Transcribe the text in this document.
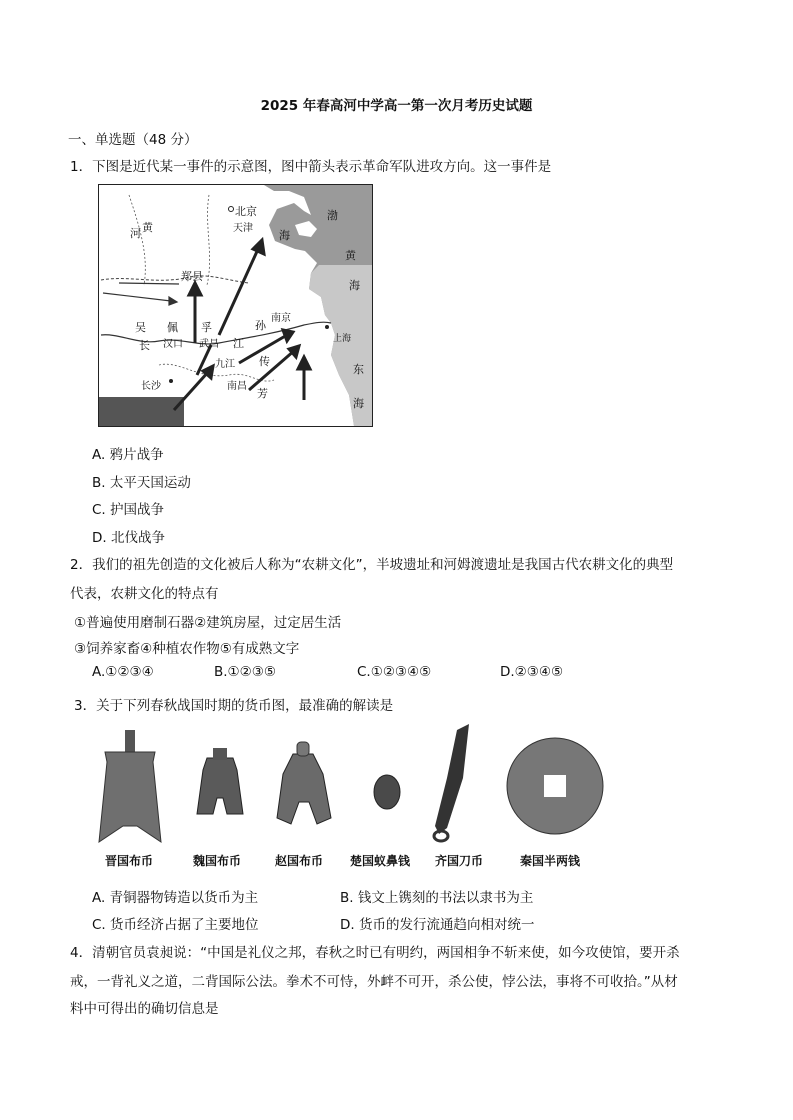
2025 年春高河中学高一第一次月考历史试题
一、单选题（48 分）
1．下图是近代某一事件的示意图，图中箭头表示革命军队进攻方向。这一事件是
黄
河
北京
天津
渤
海
郑县
黄
海
吴 佩 孚
长 汉口 武昌 江
孙
南京
上海
传
九江
长沙	南昌
芳
东
海
A. 鸦片战争
B. 太平天国运动
C. 护国战争
D. 北伐战争
2．我们的祖先创造的文化被后人称为“农耕文化”，半坡遗址和河姆渡遗址是我国古代农耕文化的典型
代表，农耕文化的特点有
①普遍使用磨制石器②建筑房屋，过定居生活
③饲养家畜④种植农作物⑤有成熟文字
A.①②③④	B.①②③⑤	C.①②③④⑤	D.②③④⑤
3．关于下列春秋战国时期的货币图，最准确的解读是
晋国布币	魏国布币	赵国布币 楚国蚁鼻钱 齐国刀币	秦国半两钱
A. 青铜器物铸造以货币为主	B. 钱文上镌刻的书法以隶书为主
C. 货币经济占据了主要地位	D. 货币的发行流通趋向相对统一
4．清朝官员袁昶说：“中国是礼仪之邦，春秋之时已有明约，两国相争不斩来使，如今攻使馆，要开杀
戒，一背礼义之道，二背国际公法。拳术不可恃，外衅不可开，杀公使，悖公法，事将不可收拾。”从材
料中可得出的确切信息是
